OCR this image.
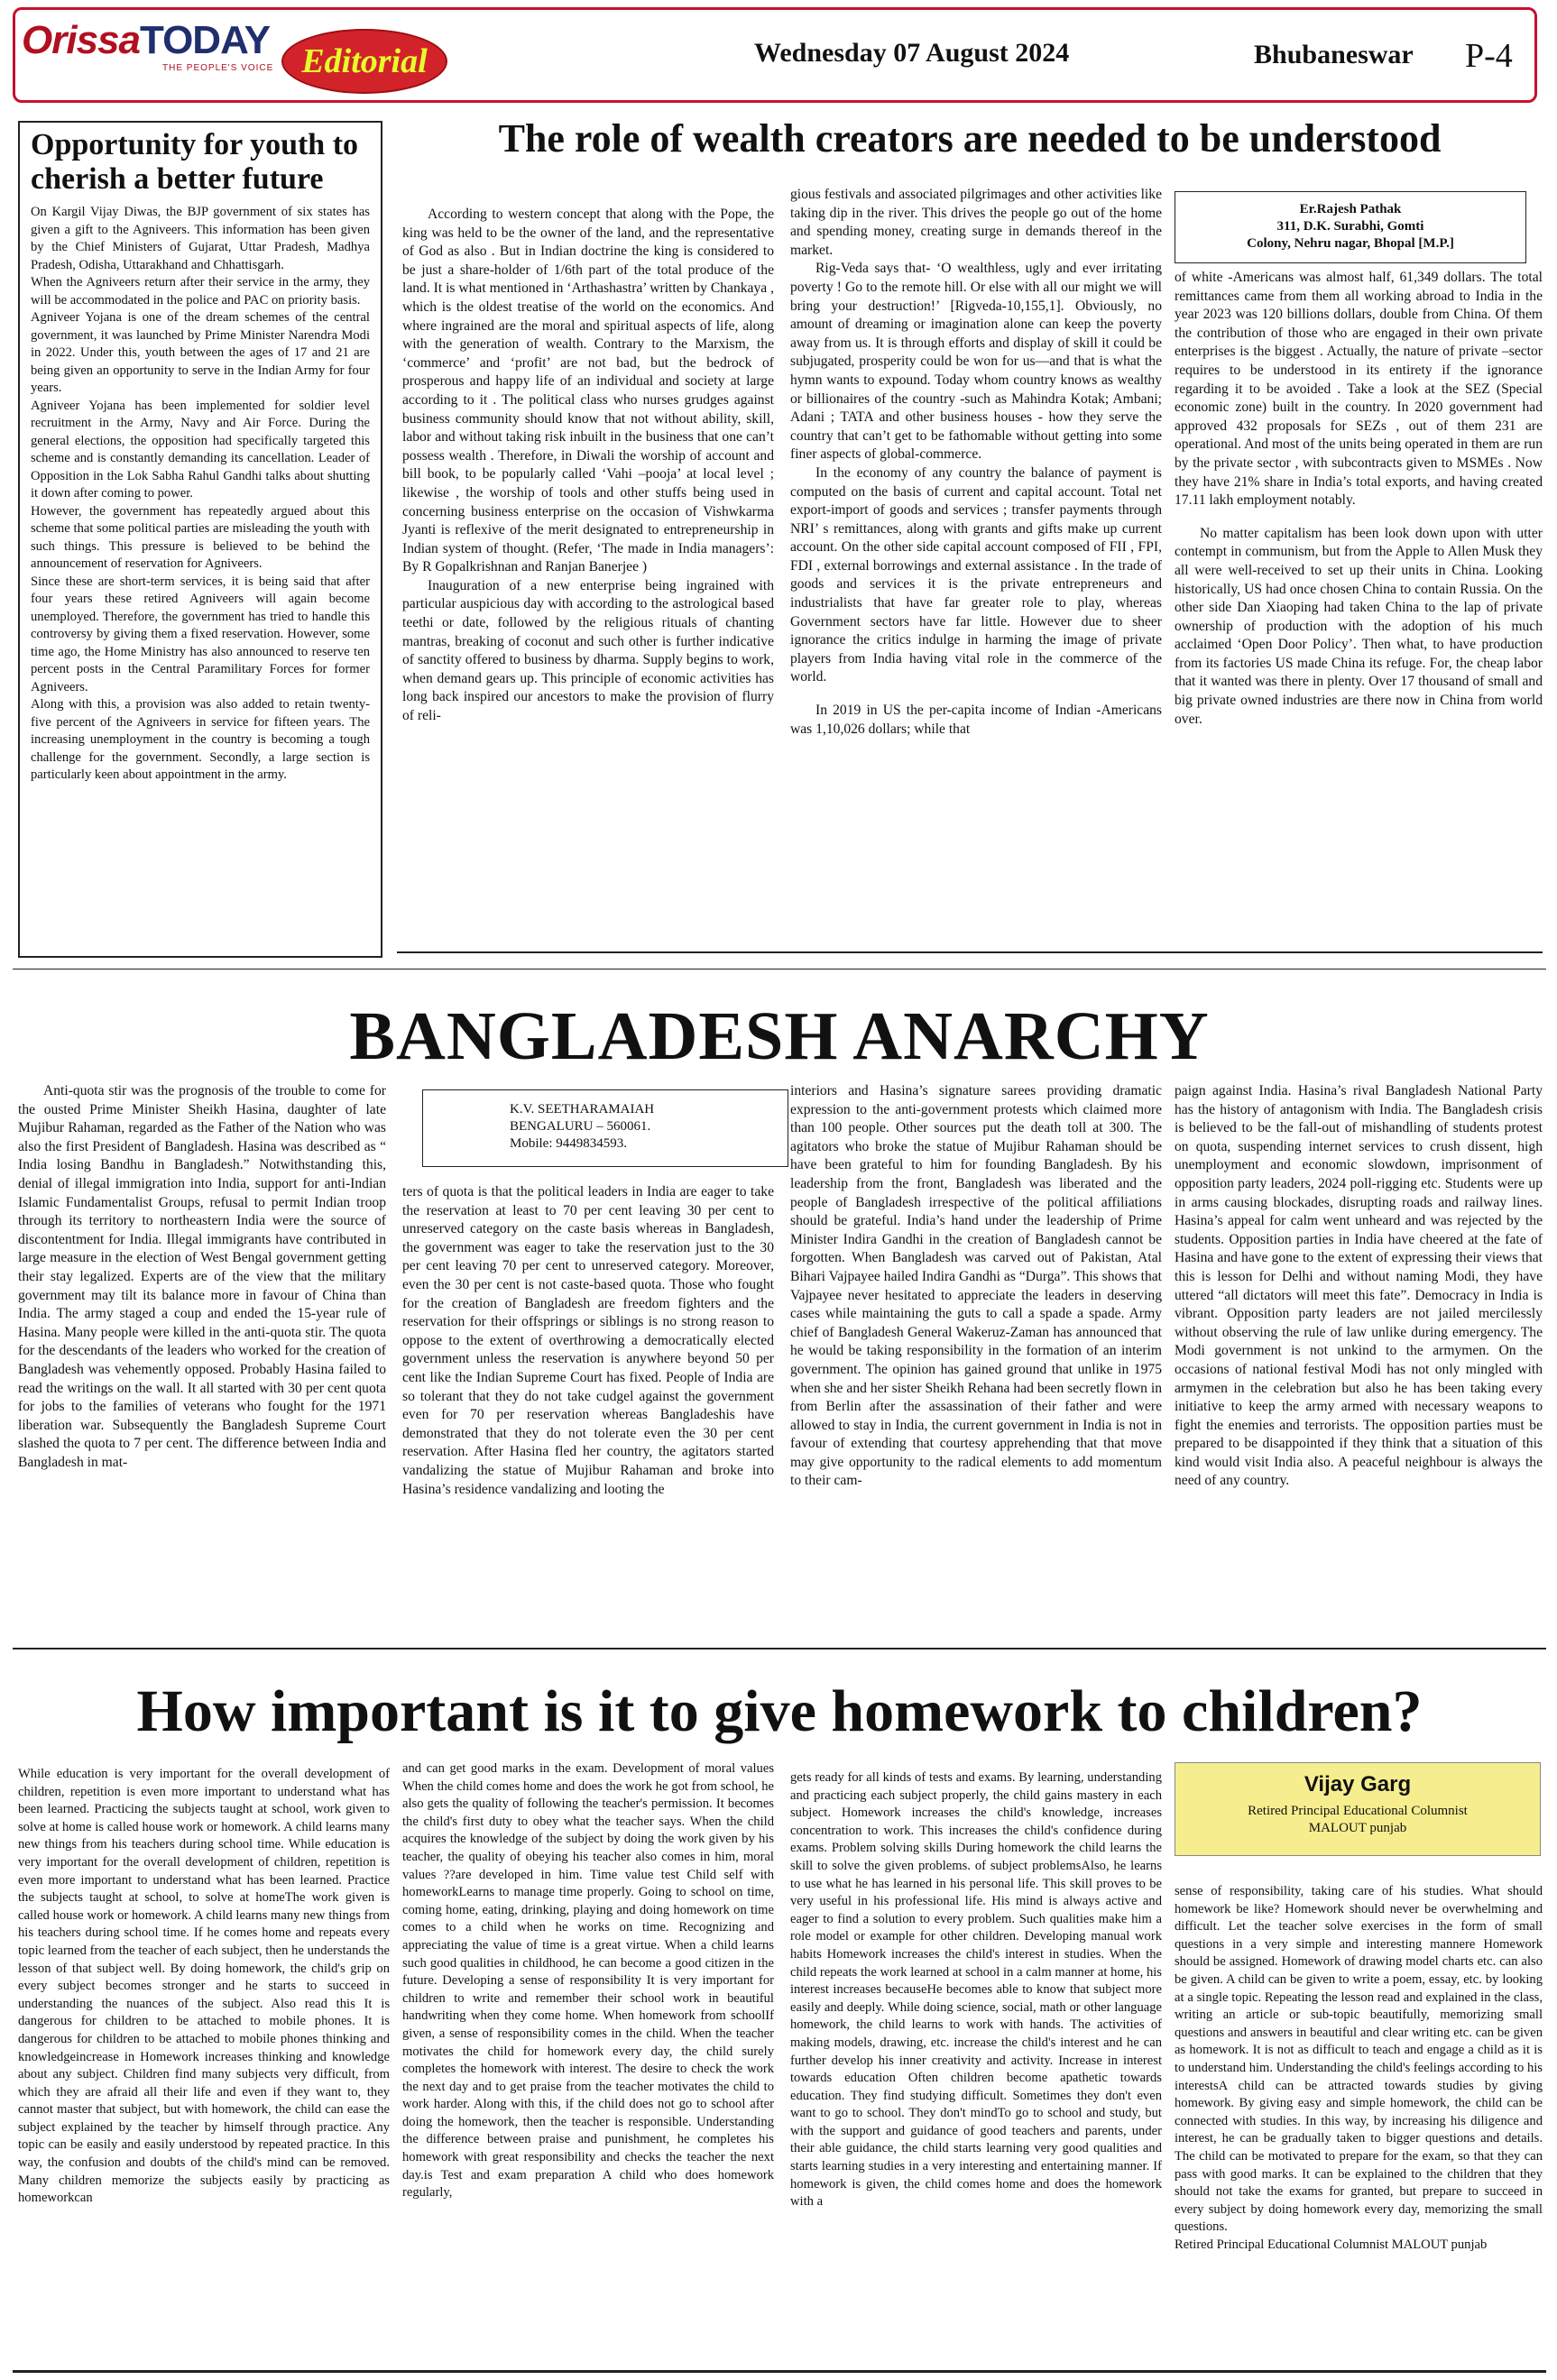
OrissaTODAY
THE PEOPLE'S VOICE Editorial	Wednesday 07 August 2024	Bhubaneswar P-4
Opportunity for youth to cherish a better future

On Kargil Vijay Diwas, the BJP government of six states has given a gift to the Agniveers. This information has been given by the Chief Ministers of Gujarat, Uttar Pradesh, Madhya Pradesh, Odisha, Uttarakhand and Chhattisgarh.

When the Agniveers return after their service in the army, they will be accommodated in the police and PAC on priority basis.

Agniveer Yojana is one of the dream schemes of the central government, it was launched by Prime Minister Narendra Modi in 2022. Under this, youth between the ages of 17 and 21 are being given an opportunity to serve in the Indian Army for four years.

Agniveer Yojana has been implemented for soldier level recruitment in the Army, Navy and Air Force. During the general elections, the opposition had specifically targeted this scheme and is constantly demanding its cancellation. Leader of Opposition in the Lok Sabha Rahul Gandhi talks about shutting it down after coming to power.

However, the government has repeatedly argued about this scheme that some political parties are misleading the youth with such things. This pressure is believed to be behind the announcement of reservation for Agniveers.

Since these are short-term services, it is being said that after four years these retired Agniveers will again become unemployed. Therefore, the government has tried to handle this controversy by giving them a fixed reservation. However, some time ago, the Home Ministry has also announced to reserve ten percent posts in the Central Paramilitary Forces for former Agniveers.

Along with this, a provision was also added to retain twenty-five percent of the Agniveers in service for fifteen years. The increasing unemployment in the country is becoming a tough challenge for the government. Secondly, a large section is particularly keen about appointment in the army.

The role of wealth creators are needed to be understood

According to western concept that along with the Pope, the king was held to be the owner of the land, and the representative of God as also . But in Indian doctrine the king is considered to be just a share-holder of 1/6th part of the total produce of the land. It is what mentioned in ‘Arthashastra’ written by Chankaya , which is the oldest treatise of the world on the economics. And where ingrained are the moral and spiritual aspects of life, along with the generation of wealth. Contrary to the Marxism, the ‘commerce’ and ‘profit’ are not bad, but the bedrock of prosperous and happy life of an individual and society at large according to it . The political class who nurses grudges against business community should know that not without ability, skill, labor and without taking risk inbuilt in the business that one can’t possess wealth . Therefore, in Diwali the worship of account and bill book, to be popularly called ‘Vahi –pooja’ at local level ; likewise , the worship of tools and other stuffs being used in concerning business enterprise on the occasion of Vishwkarma Jyanti is reflexive of the merit designated to entrepreneurship in Indian system of thought. (Refer, ‘The made in India managers’: By R Gopalkrishnan and Ranjan Banerjee )

Inauguration of a new enterprise being ingrained with particular auspicious day with according to the astrological based teethi or date, followed by the religious rituals of chanting mantras, breaking of coconut and such other is further indicative of sanctity offered to business by dharma. Supply begins to work, when demand gears up. This principle of economic activities has long back inspired our ancestors to make the provision of flurry of reli-

gious festivals and associated pilgrimages and other activities like taking dip in the river. This drives the people go out of the home and spending money, creating surge in demands thereof in the market.

Rig-Veda says that- ‘O wealthless, ugly and ever irritating poverty ! Go to the remote hill. Or else with all our might we will bring your destruction!’ [Rigveda-10,155,1]. Obviously, no amount of dreaming or imagination alone can keep the poverty away from us. It is through efforts and display of skill it could be subjugated, prosperity could be won for us—and that is what the hymn wants to expound. Today whom country knows as wealthy or billionaires of the country -such as Mahindra Kotak; Ambani; Adani ; TATA and other business houses - how they serve the country that can’t get to be fathomable without getting into some finer aspects of global-commerce.

In the economy of any country the balance of payment is computed on the basis of current and capital account. Total net export-import of goods and services ; transfer payments through NRI’ s remittances, along with grants and gifts make up current account. On the other side capital account composed of FII , FPI, FDI , external borrowings and external assistance . In the trade of goods and services it is the private entrepreneurs and industrialists that have far greater role to play, whereas Government sectors have far little. However due to sheer ignorance the critics indulge in harming the image of private players from India having vital role in the commerce of the world.

In 2019 in US the per-capita income of Indian -Americans was 1,10,026 dollars; while that

Er.Rajesh Pathak
311, D.K. Surabhi, Gomti
Colony, Nehru nagar, Bhopal [M.P.]

of white -Americans was almost half, 61,349 dollars. The total remittances came from them all working abroad to India in the year 2023 was 120 billions dollars, double from China. Of them the contribution of those who are engaged in their own private enterprises is the biggest . Actually, the nature of private –sector requires to be understood in its entirety if the ignorance regarding it to be avoided . Take a look at the SEZ (Special economic zone) built in the country. In 2020 government had approved 432 proposals for SEZs , out of them 231 are operational. And most of the units being operated in them are run by the private sector , with subcontracts given to MSMEs . Now they have 21% share in India’s total exports, and having created 17.11 lakh employment notably.

No matter capitalism has been look down upon with utter contempt in communism, but from the Apple to Allen Musk they all were well-received to set up their units in China. Looking historically, US had once chosen China to contain Russia. On the other side Dan Xiaoping had taken China to the lap of private ownership of production with the adoption of his much acclaimed ‘Open Door Policy’. Then what, to have production from its factories US made China its refuge. For, the cheap labor that it wanted was there in plenty. Over 17 thousand of small and big private owned industries are there now in China from world over.

BANGLADESH ANARCHY

Anti-quota stir was the prognosis of the trouble to come for the ousted Prime Minister Sheikh Hasina, daughter of late Mujibur Rahaman, regarded as the Father of the Nation who was also the first President of Bangladesh. Hasina was described as “ India losing Bandhu in Bangladesh.” Notwithstanding this, denial of illegal immigration into India, support for anti-Indian Islamic Fundamentalist Groups, refusal to permit Indian troop through its territory to northeastern India were the source of discontentment for India. Illegal immigrants have contributed in large measure in the election of West Bengal government getting their stay legalized. Experts are of the view that the military government may tilt its balance more in favour of China than India. The army staged a coup and ended the 15-year rule of Hasina. Many people were killed in the anti-quota stir. The quota for the descendants of the leaders who worked for the creation of Bangladesh was vehemently opposed. Probably Hasina failed to read the writings on the wall. It all started with 30 per cent quota for jobs to the families of veterans who fought for the 1971 liberation war. Subsequently the Bangladesh Supreme Court slashed the quota to 7 per cent. The difference between India and Bangladesh in mat-

K.V. SEETHARAMAIAH
BENGALURU – 560061.
Mobile: 9449834593.

ters of quota is that the political leaders in India are eager to take the reservation at least to 70 per cent leaving 30 per cent to unreserved category on the caste basis whereas in Bangladesh, the government was eager to take the reservation just to the 30 per cent leaving 70 per cent to unreserved category. Moreover, even the 30 per cent is not caste-based quota. Those who fought for the creation of Bangladesh are freedom fighters and the reservation for their offsprings or siblings is no strong reason to oppose to the extent of overthrowing a democratically elected government unless the reservation is anywhere beyond 50 per cent like the Indian Supreme Court has fixed. People of India are so tolerant that they do not take cudgel against the government even for 70 per reservation whereas Bangladeshis have demonstrated that they do not tolerate even the 30 per cent reservation. After Hasina fled her country, the agitators started vandalizing the statue of Mujibur Rahaman and broke into Hasina’s residence vandalizing and looting the

interiors and Hasina’s signature sarees providing dramatic expression to the anti-government protests which claimed more than 100 people. Other sources put the death toll at 300. The agitators who broke the statue of Mujibur Rahaman should be have been grateful to him for founding Bangladesh. By his leadership from the front, Bangladesh was liberated and the people of Bangladesh irrespective of the political affiliations should be grateful. India’s hand under the leadership of Prime Minister Indira Gandhi in the creation of Bangladesh cannot be forgotten. When Bangladesh was carved out of Pakistan, Atal Bihari Vajpayee hailed Indira Gandhi as “Durga”. This shows that Vajpayee never hesitated to appreciate the leaders in deserving cases while maintaining the guts to call a spade a spade. Army chief of Bangladesh General Wakeruz-Zaman has announced that he would be taking responsibility in the formation of an interim government. The opinion has gained ground that unlike in 1975 when she and her sister Sheikh Rehana had been secretly flown in from Berlin after the assassination of their father and were allowed to stay in India, the current government in India is not in favour of extending that courtesy apprehending that that move may give opportunity to the radical elements to add momentum to their cam-

paign against India. Hasina’s rival Bangladesh National Party has the history of antagonism with India. The Bangladesh crisis is believed to be the fall-out of mishandling of students protest on quota, suspending internet services to crush dissent, high unemployment and economic slowdown, imprisonment of opposition party leaders, 2024 poll-rigging etc. Students were up in arms causing blockades, disrupting roads and railway lines. Hasina’s appeal for calm went unheard and was rejected by the students. Opposition parties in India have cheered at the fate of Hasina and have gone to the extent of expressing their views that this is lesson for Delhi and without naming Modi, they have uttered “all dictators will meet this fate”. Democracy in India is vibrant. Opposition party leaders are not jailed mercilessly without observing the rule of law unlike during emergency. The Modi government is not unkind to the armymen. On the occasions of national festival Modi has not only mingled with armymen in the celebration but also he has been taking every initiative to keep the army armed with necessary weapons to fight the enemies and terrorists. The opposition parties must be prepared to be disappointed if they think that a situation of this kind would visit India also. A peaceful neighbour is always the need of any country.

How important is it to give homework to children?

While education is very important for the overall development of children, repetition is even more important to understand what has been learned. Practicing the subjects taught at school, work given to solve at home is called house work or homework. A child learns many new things from his teachers during school time. While education is very important for the overall development of children, repetition is even more important to understand what has been learned. Practice the subjects taught at school, to solve at homeThe work given is called house work or homework. A child learns many new things from his teachers during school time. If he comes home and repeats every topic learned from the teacher of each subject, then he understands the lesson of that subject well. By doing homework, the child's grip on every subject becomes stronger and he starts to succeed in understanding the nuances of the subject. Also read this It is dangerous for children to be attached to mobile phones. It is dangerous for children to be attached to mobile phones thinking and knowledgeincrease in Homework increases thinking and knowledge about any subject. Children find many subjects very difficult, from which they are afraid all their life and even if they want to, they cannot master that subject, but with homework, the child can ease the subject explained by the teacher by himself through practice. Any topic can be easily and easily understood by repeated practice. In this way, the confusion and doubts of the child's mind can be removed. Many children memorize the subjects easily by practicing as homeworkcan

and can get good marks in the exam. Development of moral values When the child comes home and does the work he got from school, he also gets the quality of following the teacher's permission. It becomes the child's first duty to obey what the teacher says. When the child acquires the knowledge of the subject by doing the work given by his teacher, the quality of obeying his teacher also comes in him, moral values ??are developed in him. Time value test Child self with homeworkLearns to manage time properly. Going to school on time, coming home, eating, drinking, playing and doing homework on time comes to a child when he works on time. Recognizing and appreciating the value of time is a great virtue. When a child learns such good qualities in childhood, he can become a good citizen in the future. Developing a sense of responsibility It is very important for children to write and remember their school work in beautiful handwriting when they come home. When homework from schoolIf given, a sense of responsibility comes in the child. When the teacher motivates the child for homework every day, the child surely completes the homework with interest. The desire to check the work the next day and to get praise from the teacher motivates the child to work harder. Along with this, if the child does not go to school after doing the homework, then the teacher is responsible. Understanding the difference between praise and punishment, he completes his homework with great responsibility and checks the teacher the next day.is Test and exam preparation A child who does homework regularly,

gets ready for all kinds of tests and exams. By learning, understanding and practicing each subject properly, the child gains mastery in each subject. Homework increases the child's knowledge, increases concentration to work. This increases the child's confidence during exams. Problem solving skills During homework the child learns the skill to solve the given problems. of subject problemsAlso, he learns to use what he has learned in his personal life. This skill proves to be very useful in his professional life. His mind is always active and eager to find a solution to every problem. Such qualities make him a role model or example for other children. Developing manual work habits Homework increases the child's interest in studies. When the child repeats the work learned at school in a calm manner at home, his interest increases becauseHe becomes able to know that subject more easily and deeply. While doing science, social, math or other language homework, the child learns to work with hands. The activities of making models, drawing, etc. increase the child's interest and he can further develop his inner creativity and activity. Increase in interest towards education Often children become apathetic towards education. They find studying difficult. Sometimes they don't even want to go to school. They don't mindTo go to school and study, but with the support and guidance of good teachers and parents, under their able guidance, the child starts learning very good qualities and starts learning studies in a very interesting and entertaining manner. If homework is given, the child comes home and does the homework with a

Vijay Garg
Retired Principal Educational Columnist
MALOUT punjab

sense of responsibility, taking care of his studies. What should homework be like? Homework should never be overwhelming and difficult. Let the teacher solve exercises in the form of small questions in a very simple and interesting mannere Homework should be assigned. Homework of drawing model charts etc. can also be given. A child can be given to write a poem, essay, etc. by looking at a single topic. Repeating the lesson read and explained in the class, writing an article or sub-topic beautifully, memorizing small questions and answers in beautiful and clear writing etc. can be given as homework. It is not as difficult to teach and engage a child as it is to understand him. Understanding the child's feelings according to his interestsA child can be attracted towards studies by giving homework. By giving easy and simple homework, the child can be connected with studies. In this way, by increasing his diligence and interest, he can be gradually taken to bigger questions and details. The child can be motivated to prepare for the exam, so that they can pass with good marks. It can be explained to the children that they should not take the exams for granted, but prepare to succeed in every subject by doing homework every day, memorizing the small questions.

Retired Principal Educational Columnist MALOUT punjab
